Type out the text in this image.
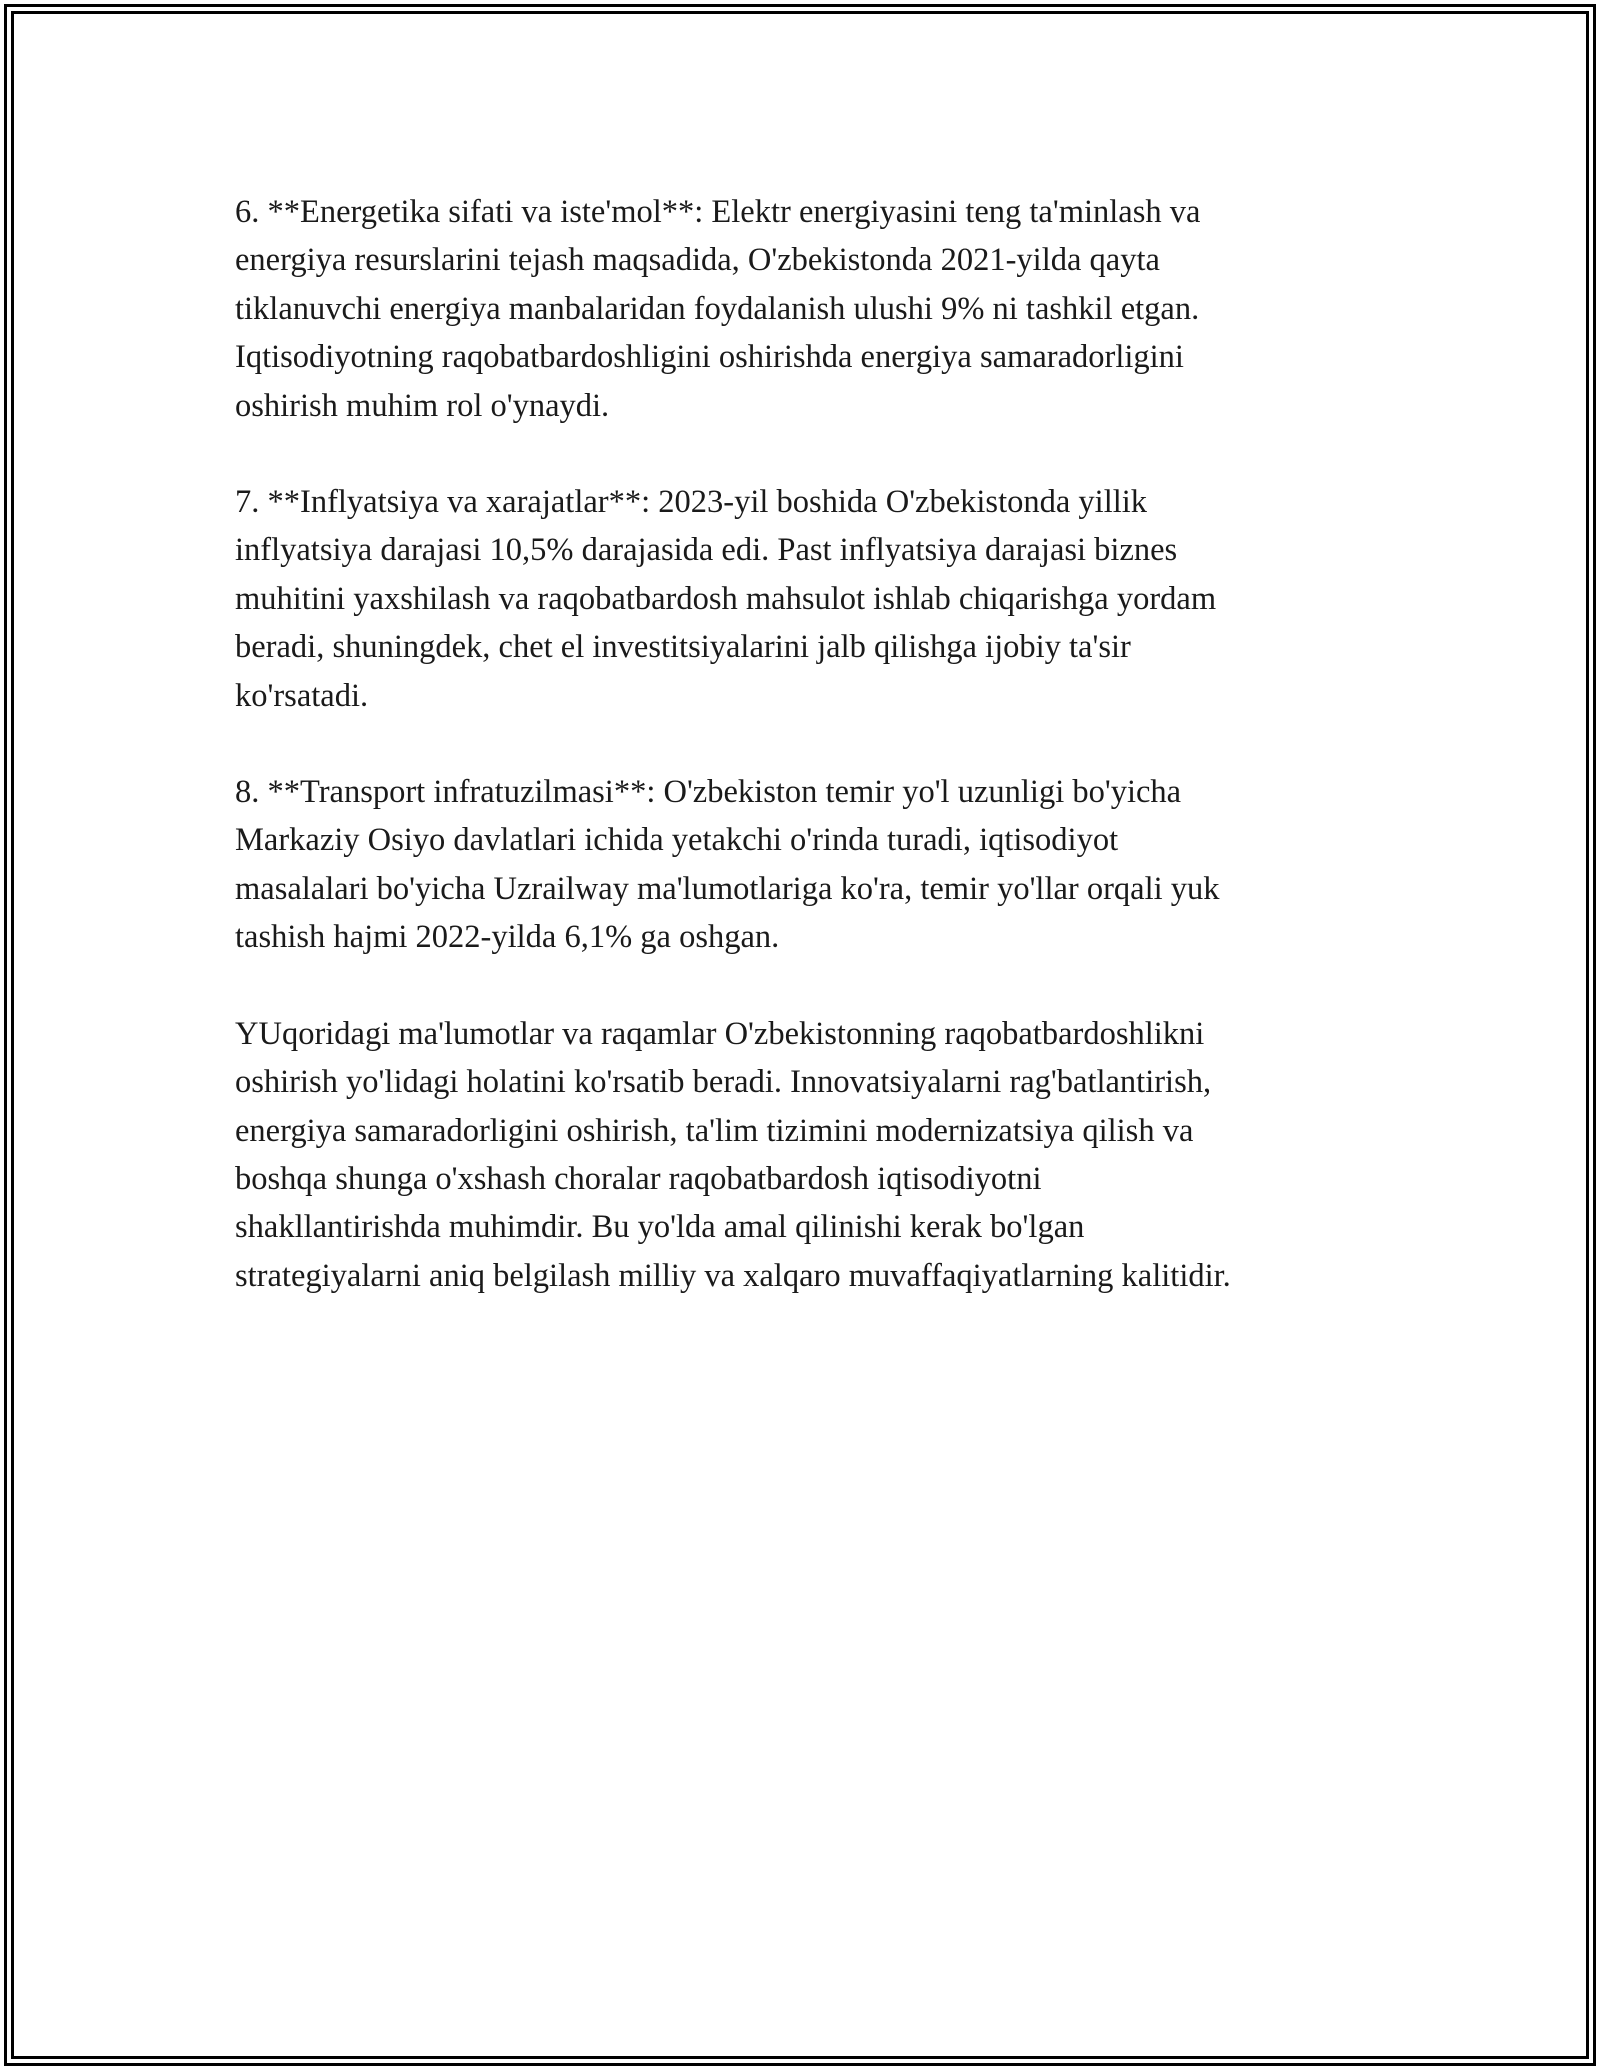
6. **Energetika sifati va iste'mol**: Elektr energiyasini teng ta'minlash va
energiya resurslarini tejash maqsadida, O'zbekistonda 2021-yilda qayta
tiklanuvchi energiya manbalaridan foydalanish ulushi 9% ni tashkil etgan.
Iqtisodiyotning raqobatbardoshligini oshirishda energiya samaradorligini
oshirish muhim rol o'ynaydi.

7. **Inflyatsiya va xarajatlar**: 2023-yil boshida O'zbekistonda yillik
inflyatsiya darajasi 10,5% darajasida edi. Past inflyatsiya darajasi biznes
muhitini yaxshilash va raqobatbardosh mahsulot ishlab chiqarishga yordam
beradi, shuningdek, chet el investitsiyalarini jalb qilishga ijobiy ta'sir
ko'rsatadi.

8. **Transport infratuzilmasi**: O'zbekiston temir yo'l uzunligi bo'yicha
Markaziy Osiyo davlatlari ichida yetakchi o'rinda turadi, iqtisodiyot
masalalari bo'yicha Uzrailway ma'lumotlariga ko'ra, temir yo'llar orqali yuk
tashish hajmi 2022-yilda 6,1% ga oshgan.

YUqoridagi ma'lumotlar va raqamlar O'zbekistonning raqobatbardoshlikni
oshirish yo'lidagi holatini ko'rsatib beradi. Innovatsiyalarni rag'batlantirish,
energiya samaradorligini oshirish, ta'lim tizimini modernizatsiya qilish va
boshqa shunga o'xshash choralar raqobatbardosh iqtisodiyotni
shakllantirishda muhimdir. Bu yo'lda amal qilinishi kerak bo'lgan
strategiyalarni aniq belgilash milliy va xalqaro muvaffaqiyatlarning kalitidir.
